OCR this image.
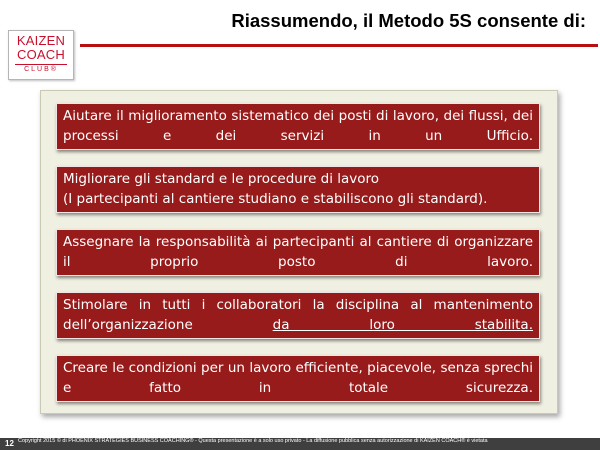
KAIZEN
COACH
CLUB®
Riassumendo, il Metodo 5S consente di:
Aiutare il miglioramento sistematico dei posti di lavoro, dei flussi, dei processi e dei servizi in un Ufficio.
Migliorare gli standard e le procedure di lavoro
(I partecipanti al cantiere studiano e stabiliscono gli standard).
Assegnare la responsabilità ai partecipanti al cantiere di organizzare il proprio posto di lavoro.
Stimolare in tutti i collaboratori la disciplina al mantenimento dell’organizzazione da loro stabilita.
Creare le condizioni per un lavoro efficiente, piacevole, senza sprechi e fatto in totale sicurezza.
12 Copyright 2015 © di PHOENIX STRATEGIES BUSINESS COACHING® - Questa presentazione è a solo uso privato - La diffusione pubblica senza autorizzazione di KAIZEN COACH® è vietata
